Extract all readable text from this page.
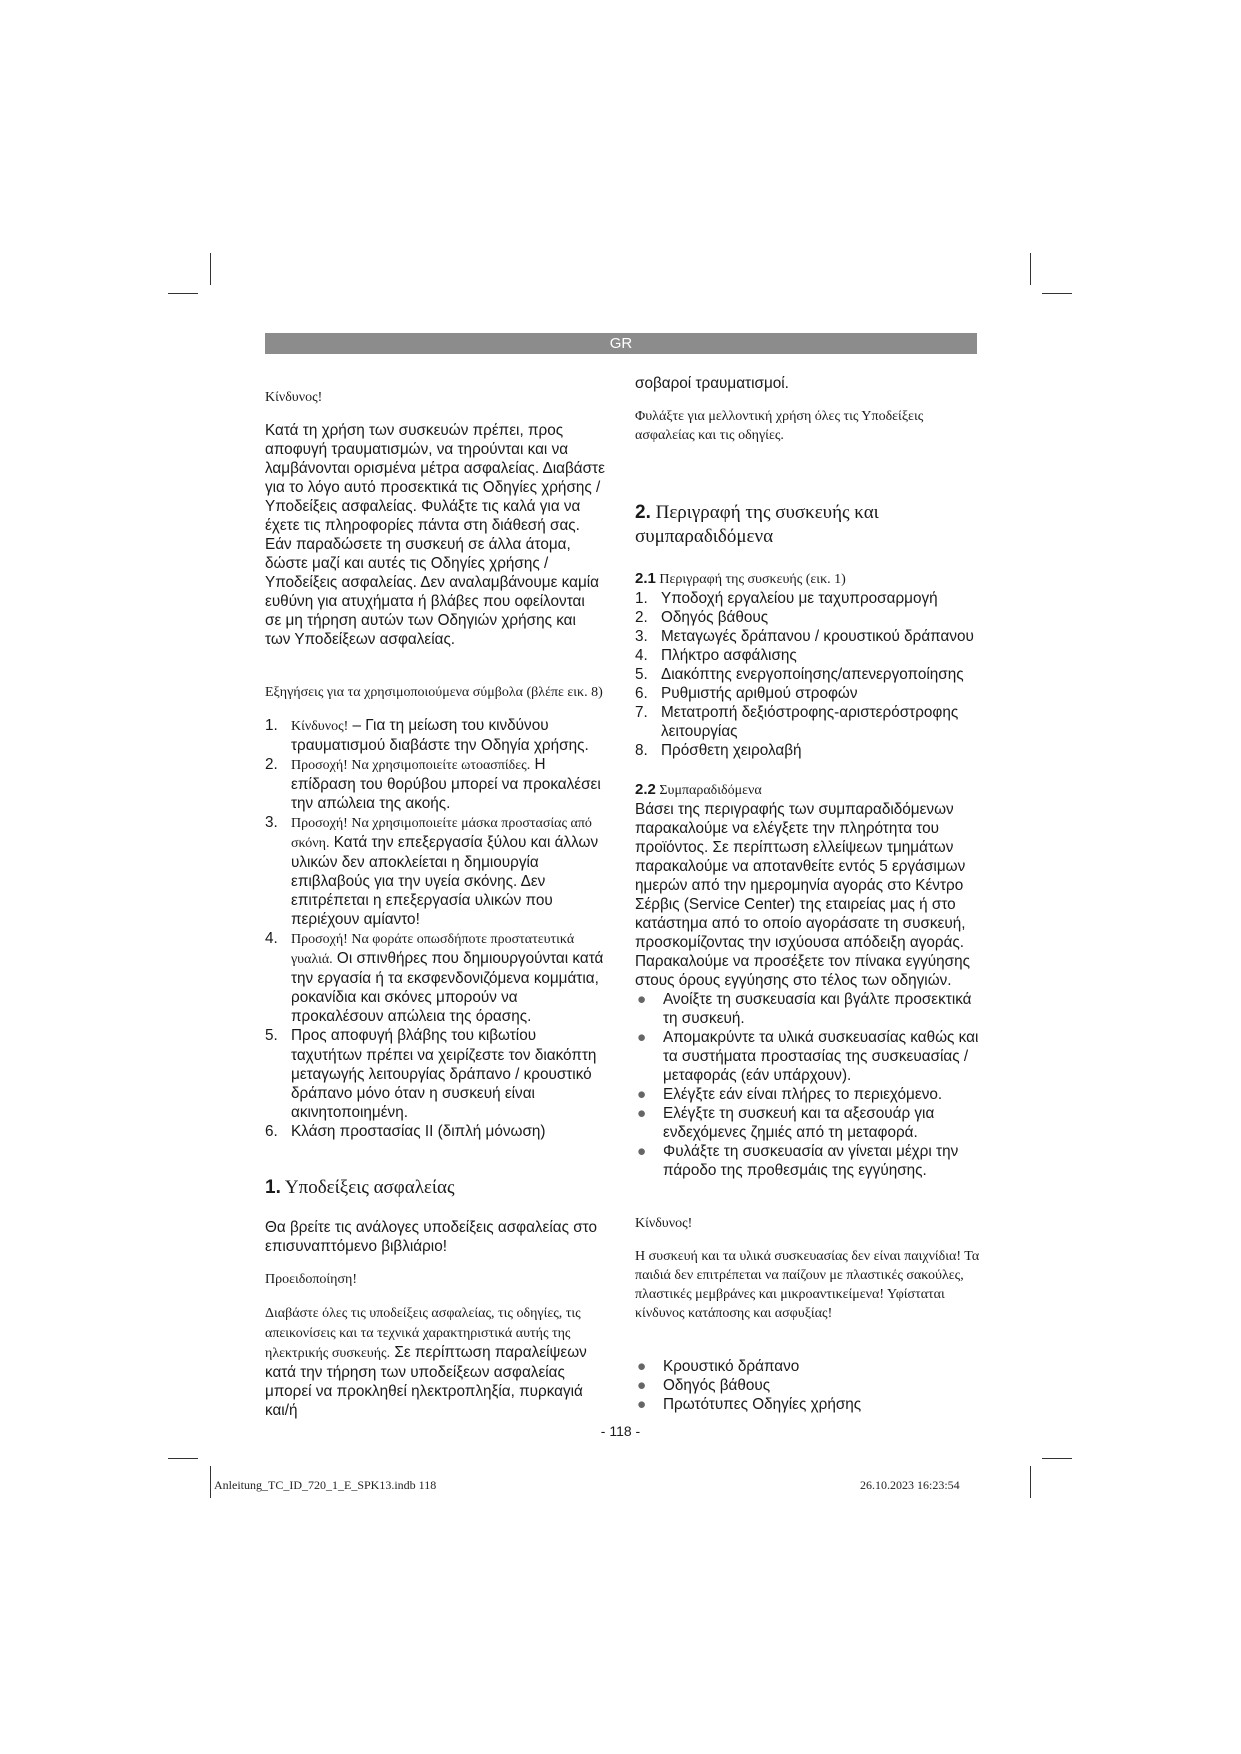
GR

Κίνδυνος!

Κατά τη χρήση των συσκευών πρέπει, προς αποφυγή τραυματισμών, να τηρούνται και να λαμβάνονται ορισμένα μέτρα ασφαλείας. Διαβάστε για το λόγο αυτό προσεκτικά τις Οδηγίες χρήσης / Υποδείξεις ασφαλείας. Φυλάξτε τις καλά για να έχετε τις πληροφορίες πάντα στη διάθεσή σας. Εάν παραδώσετε τη συσκευή σε άλλα άτομα, δώστε μαζί και αυτές τις Οδηγίες χρήσης / Υποδείξεις ασφαλείας. Δεν αναλαμβάνουμε καμία ευθύνη για ατυχήματα ή βλάβες που οφείλονται σε μη τήρηση αυτών των Οδηγιών χρήσης και των Υποδείξεων ασφαλείας.

Εξηγήσεις για τα χρησιμοποιούμενα σύμβολα (βλέπε εικ. 8)

1. Κίνδυνος! – Για τη μείωση του κινδύνου τραυματισμού διαβάστε την Οδηγία χρήσης.
2. Προσοχή! Να χρησιμοποιείτε ωτοασπίδες. Η επίδραση του θορύβου μπορεί να προκαλέσει την απώλεια της ακοής.
3. Προσοχή! Να χρησιμοποιείτε μάσκα προστασίας από σκόνη. Κατά την επεξεργασία ξύλου και άλλων υλικών δεν αποκλείεται η δημιουργία επιβλαβούς για την υγεία σκόνης. Δεν επιτρέπεται η επεξεργασία υλικών που περιέχουν αμίαντο!
4. Προσοχή! Να φοράτε οπωσδήποτε προστατευτικά γυαλιά. Οι σπινθήρες που δημιουργούνται κατά την εργασία ή τα εκσφενδονιζόμενα κομμάτια, ροκανίδια και σκόνες μπορούν να προκαλέσουν απώλεια της όρασης.
5. Προς αποφυγή βλάβης του κιβωτίου ταχυτήτων πρέπει να χειρίζεστε τον διακόπτη μεταγωγής λειτουργίας δράπανο / κρουστικό δράπανο μόνο όταν η συσκευή είναι ακινητοποιημένη.
6. Κλάση προστασίας II (διπλή μόνωση)

1. Υποδείξεις ασφαλείας

Θα βρείτε τις ανάλογες υποδείξεις ασφαλείας στο επισυναπτόμενο βιβλιάριο!

Προειδοποίηση!

Διαβάστε όλες τις υποδείξεις ασφαλείας, τις οδηγίες, τις απεικονίσεις και τα τεχνικά χαρακτηριστικά αυτής της ηλεκτρικής συσκευής. Σε περίπτωση παραλείψεων κατά την τήρηση των υποδείξεων ασφαλείας μπορεί να προκληθεί ηλεκτροπληξία, πυρκαγιά και/ή

σοβαροί τραυματισμοί.

Φυλάξτε για μελλοντική χρήση όλες τις Υποδείξεις ασφαλείας και τις οδηγίες.

2. Περιγραφή της συσκευής και συμπαραδιδόμενα

2.1 Περιγραφή της συσκευής (εικ. 1)

1. Υποδοχή εργαλείου με ταχυπροσαρμογή
2. Οδηγός βάθους
3. Μεταγωγές δράπανου / κρουστικού δράπανου
4. Πλήκτρο ασφάλισης
5. Διακόπτης ενεργοποίησης/απενεργοποίησης
6. Ρυθμιστής αριθμού στροφών
7. Μετατροπή δεξιόστροφης-αριστερόστροφης λειτουργίας
8. Πρόσθετη χειρολαβή

2.2 Συμπαραδιδόμενα

Βάσει της περιγραφής των συμπαραδιδόμενων παρακαλούμε να ελέγξετε την πληρότητα του προϊόντος. Σε περίπτωση ελλείψεων τμημάτων παρακαλούμε να αποτανθείτε εντός 5 εργάσιμων ημερών από την ημερομηνία αγοράς στο Κέντρο Σέρβις (Service Center) της εταιρείας μας ή στο κατάστημα από το οποίο αγοράσατε τη συσκευή, προσκομίζοντας την ισχύουσα απόδειξη αγοράς. Παρακαλούμε να προσέξετε τον πίνακα εγγύησης στους όρους εγγύησης στο τέλος των οδηγιών.

●	Ανοίξτε τη συσκευασία και βγάλτε προσεκτικά τη συσκευή.
●	Απομακρύντε τα υλικά συσκευασίας καθώς και τα συστήματα προστασίας της συσκευασίας / μεταφοράς (εάν υπάρχουν).
●	Ελέγξτε εάν είναι πλήρες το περιεχόμενο.
●	Ελέγξτε τη συσκευή και τα αξεσουάρ για ενδεχόμενες ζημιές από τη μεταφορά.
●	Φυλάξτε τη συσκευασία αν γίνεται μέχρι την πάροδο της προθεσμάις της εγγύησης.

Κίνδυνος!

Η συσκευή και τα υλικά συσκευασίας δεν είναι παιχνίδια! Τα παιδιά δεν επιτρέπεται να παίζουν με πλαστικές σακούλες, πλαστικές μεμβράνες και μικροαντικείμενα! Υφίσταται κίνδυνος κατάποσης και ασφυξίας!

●	Κρουστικό δράπανο
●	Οδηγός βάθους
●	Πρωτότυπες Οδηγίες χρήσης
- 118 -
Anleitung_TC_ID_720_1_E_SPK13.indb 118	26.10.2023 16:23:54
